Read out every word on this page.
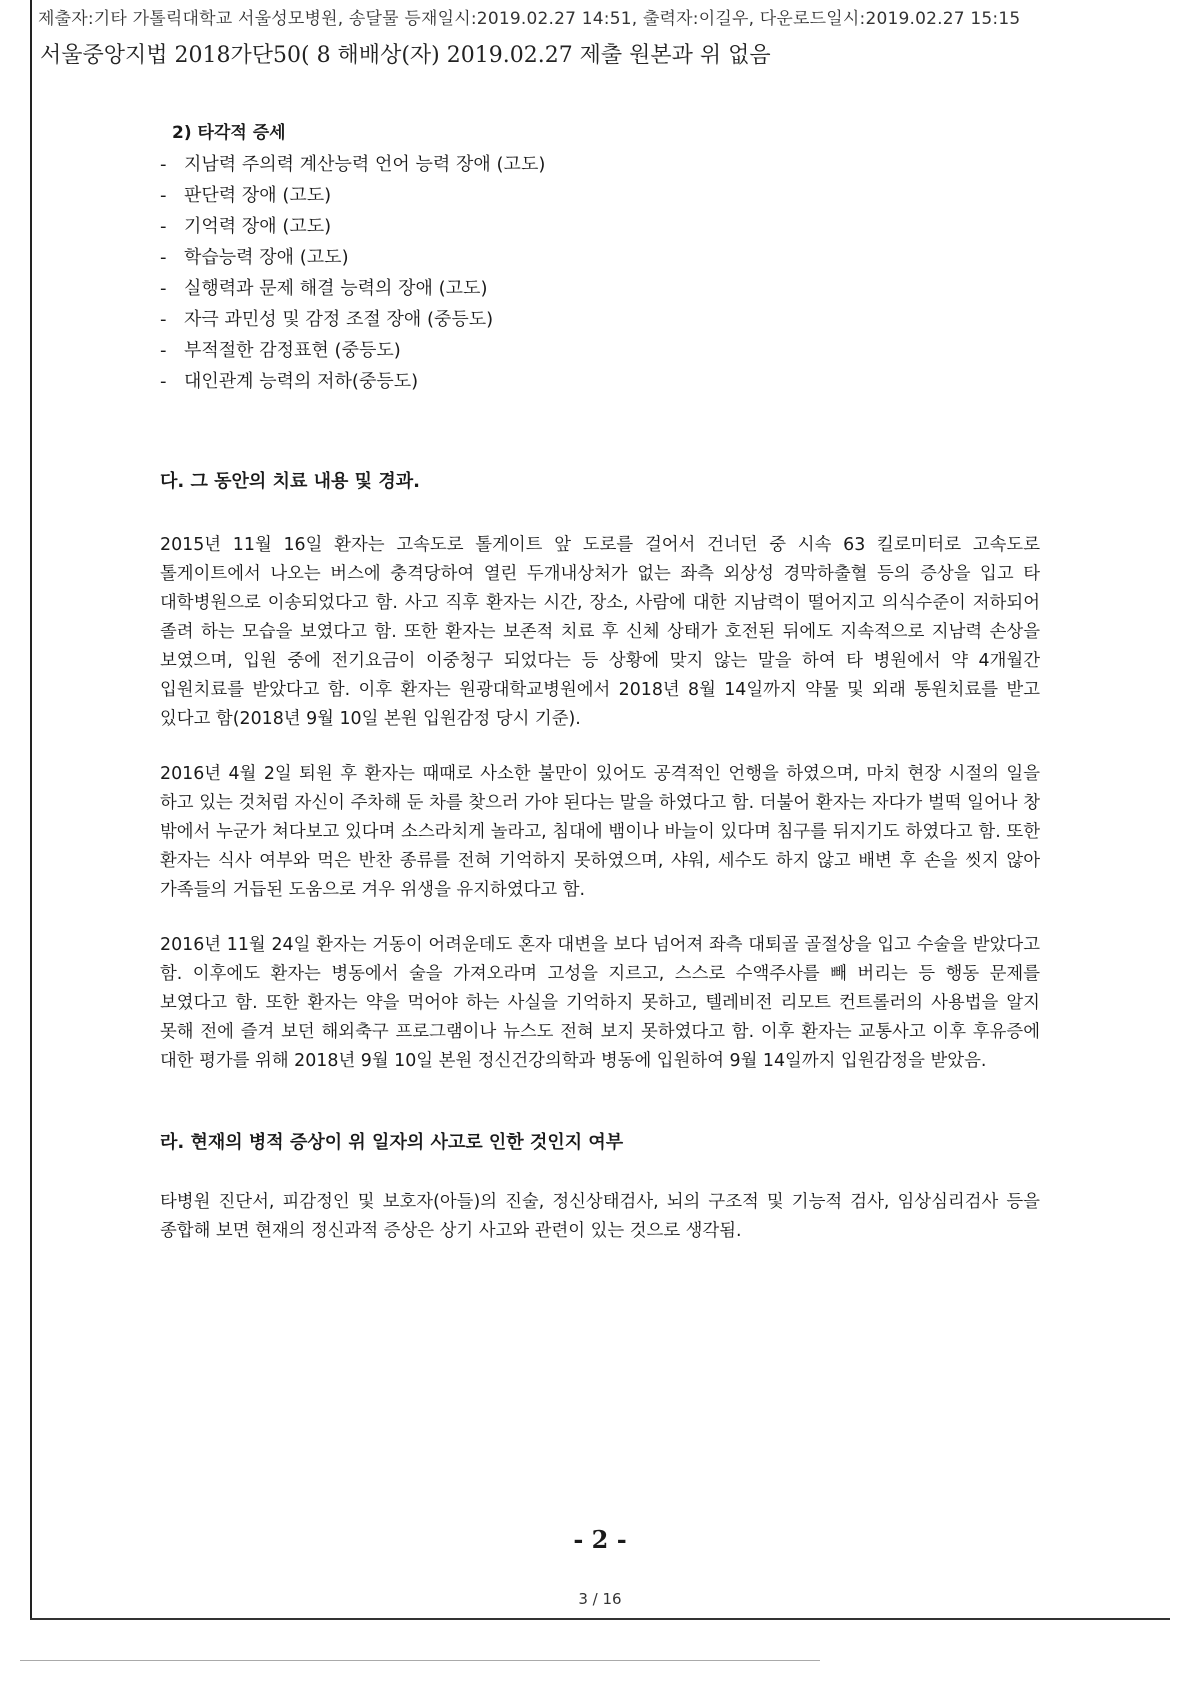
제출자:기타 가톨릭대학교 서울성모병원, 송달물 등재일시:2019.02.27 14:51, 출력자:이길우, 다운로드일시:2019.02.27 15:15
서울중앙지법 2018가단50( 8 해배상(자) 2019.02.27 제출 원본과 위 없음
2) 타각적 증세
- 지남력 주의력 계산능력 언어 능력 장애 (고도)
- 판단력 장애 (고도)
- 기억력 장애 (고도)
- 학습능력 장애 (고도)
- 실행력과 문제 해결 능력의 장애 (고도)
- 자극 과민성 및 감정 조절 장애 (중등도)
- 부적절한 감정표현 (중등도)
- 대인관계 능력의 저하(중등도)
다. 그 동안의 치료 내용 및 경과.

2015년 11월 16일 환자는 고속도로 톨게이트 앞 도로를 걸어서 건너던 중 시속 63 킬로미터로 고속도로 톨게이트에서 나오는 버스에 충격당하여 열린 두개내상처가 없는 좌측 외상성 경막하출혈 등의 증상을 입고 타 대학병원으로 이송되었다고 함. 사고 직후 환자는 시간, 장소, 사람에 대한 지남력이 떨어지고 의식수준이 저하되어 졸려 하는 모습을 보였다고 함. 또한 환자는 보존적 치료 후 신체 상태가 호전된 뒤에도 지속적으로 지남력 손상을 보였으며, 입원 중에 전기요금이 이중청구 되었다는 등 상황에 맞지 않는 말을 하여 타 병원에서 약 4개월간 입원치료를 받았다고 함. 이후 환자는 원광대학교병원에서 2018년 8월 14일까지 약물 및 외래 통원치료를 받고 있다고 함(2018년 9월 10일 본원 입원감정 당시 기준).

2016년 4월 2일 퇴원 후 환자는 때때로 사소한 불만이 있어도 공격적인 언행을 하였으며, 마치 현장 시절의 일을 하고 있는 것처럼 자신이 주차해 둔 차를 찾으러 가야 된다는 말을 하였다고 함. 더불어 환자는 자다가 벌떡 일어나 창 밖에서 누군가 쳐다보고 있다며 소스라치게 놀라고, 침대에 뱀이나 바늘이 있다며 침구를 뒤지기도 하였다고 함. 또한 환자는 식사 여부와 먹은 반찬 종류를 전혀 기억하지 못하였으며, 샤워, 세수도 하지 않고 배변 후 손을 씻지 않아 가족들의 거듭된 도움으로 겨우 위생을 유지하였다고 함.

2016년 11월 24일 환자는 거동이 어려운데도 혼자 대변을 보다 넘어져 좌측 대퇴골 골절상을 입고 수술을 받았다고 함. 이후에도 환자는 병동에서 술을 가져오라며 고성을 지르고, 스스로 수액주사를 빼 버리는 등 행동 문제를 보였다고 함. 또한 환자는 약을 먹어야 하는 사실을 기억하지 못하고, 텔레비전 리모트 컨트롤러의 사용법을 알지 못해 전에 즐겨 보던 해외축구 프로그램이나 뉴스도 전혀 보지 못하였다고 함. 이후 환자는 교통사고 이후 후유증에 대한 평가를 위해 2018년 9월 10일 본원 정신건강의학과 병동에 입원하여 9월 14일까지 입원감정을 받았음.

라. 현재의 병적 증상이 위 일자의 사고로 인한 것인지 여부

타병원 진단서, 피감정인 및 보호자(아들)의 진술, 정신상태검사, 뇌의 구조적 및 기능적 검사, 임상심리검사 등을 종합해 보면 현재의 정신과적 증상은 상기 사고와 관련이 있는 것으로 생각됨.

- 2 -
3 / 16
